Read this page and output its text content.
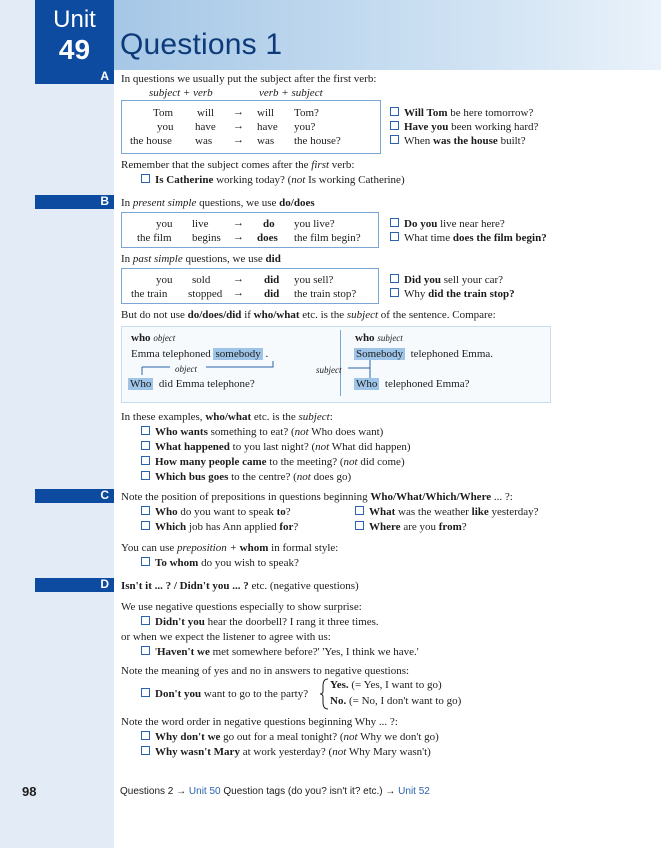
Unit
49 Questions 1
A In questions we usually put the subject after the first verb:
subject + verb	verb + subject
Tom will → will Tom?
you have → have you?
the house was → was the house?
Will Tom be here tomorrow?
Have you been working hard?
When was the house built?
Remember that the subject comes after the first verb:
Is Catherine working today? (not Is working Catherine)
B In present simple questions, we use do/does
you live → do you live?
the film begins → does the film begin?
Do you live near here?
What time does the film begin?
In past simple questions, we use did
you sold → did you sell?
the train stopped → did the train stop?
Did you sell your car?
Why did the train stop?
But do not use do/does/did if who/what etc. is the subject of the sentence. Compare:
who object	who subject
Emma telephoned somebody .
object
Who did Emma telephone?
Somebody telephoned Emma.
subject
Who telephoned Emma?
In these examples, who/what etc. is the subject:
Who wants something to eat? (not Who does want)
What happened to you last night? (not What did happen)
How many people came to the meeting? (not did come)
Which bus goes to the centre? (not does go)
C Note the position of prepositions in questions beginning Who/What/Which/Where ... ?:
Who do you want to speak to?
Which job has Ann applied for?
What was the weather like yesterday?
Where are you from?
You can use preposition + whom in formal style:
To whom do you wish to speak?
D Isn't it ... ? / Didn't you ... ? etc. (negative questions)
We use negative questions especially to show surprise:
Didn't you hear the doorbell? I rang it three times.
or when we expect the listener to agree with us:
'Haven't we met somewhere before?' 'Yes, I think we have.'
Note the meaning of yes and no in answers to negative questions:
Don't you want to go to the party?
Yes. (= Yes, I want to go)
No. (= No, I don't want to go)
Note the word order in negative questions beginning Why ... ?:
Why don't we go out for a meal tonight? (not Why we don't go)
Why wasn't Mary at work yesterday? (not Why Mary wasn't)
98	Questions 2 → Unit 50 Question tags (do you? isn't it? etc.) → Unit 52
